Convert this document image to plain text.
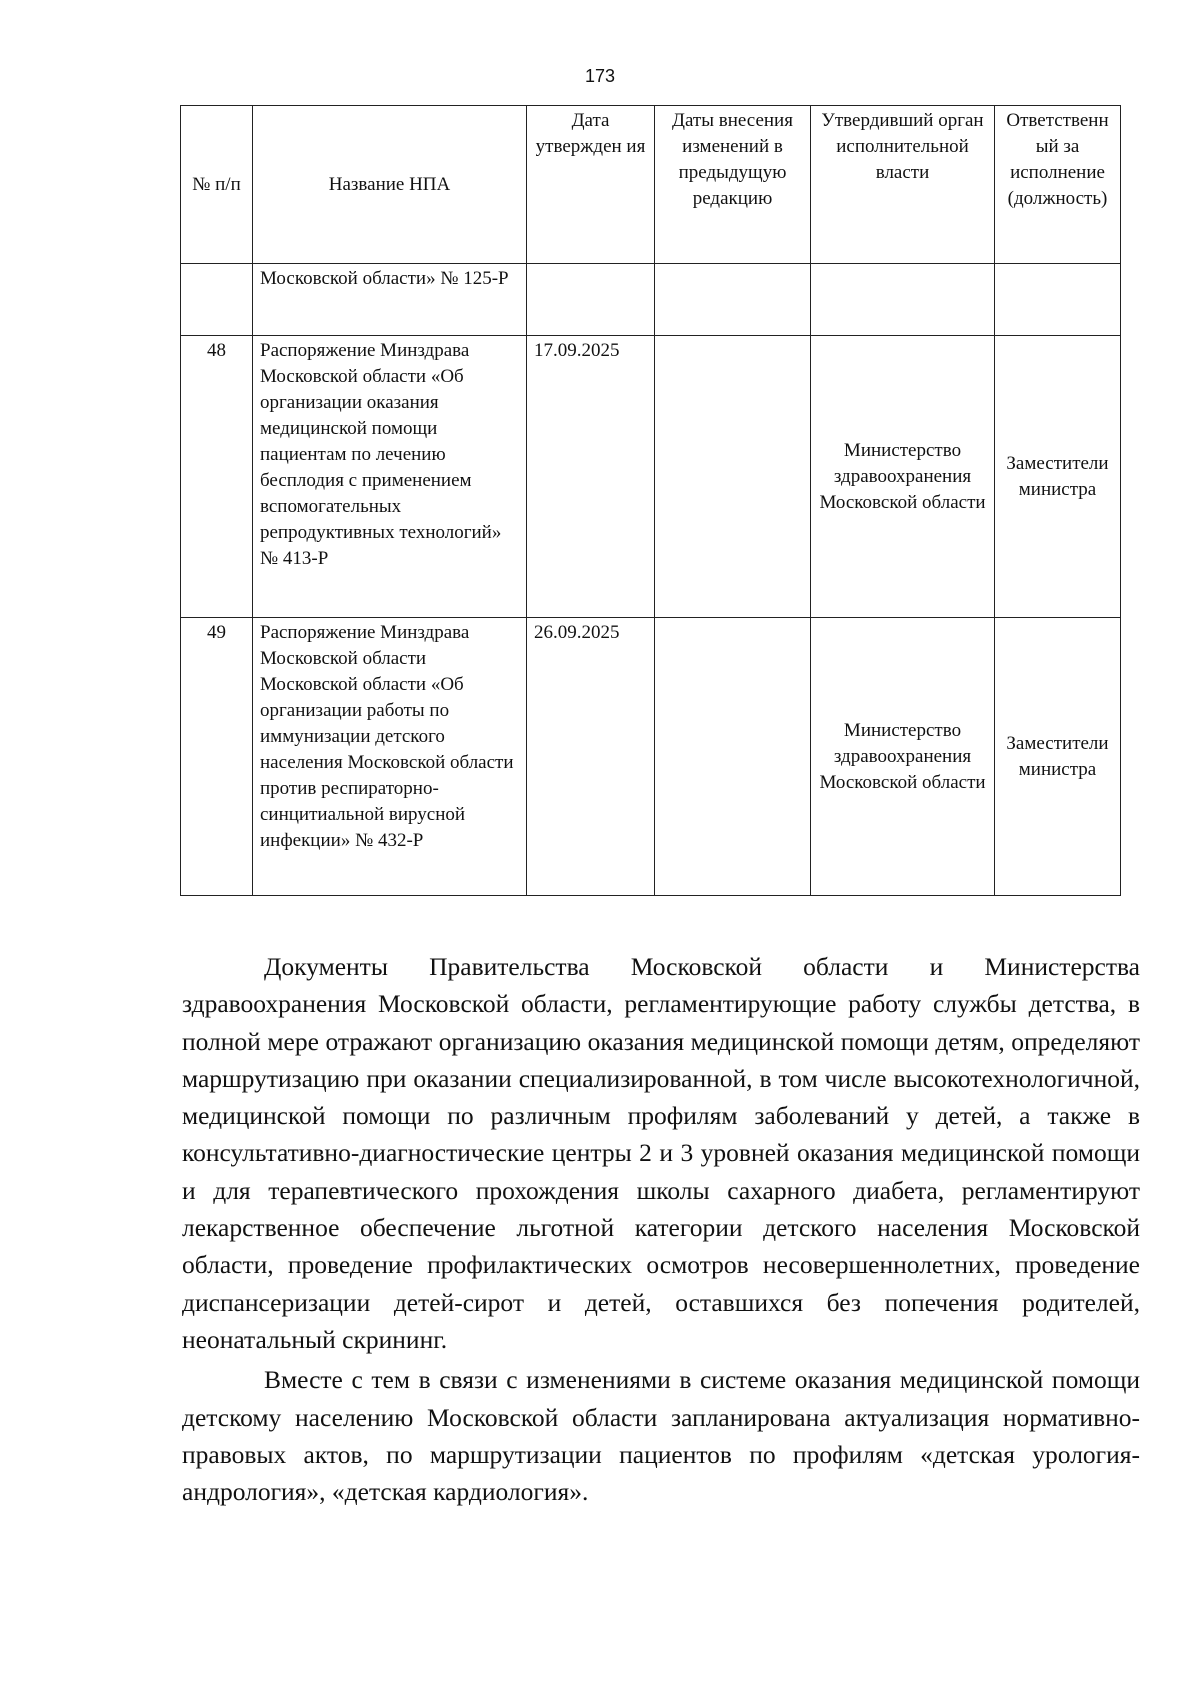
173
№ п/п	Название НПА	Дата утвержден ия	Даты внесения изменений в предыдущую редакцию	Утвердивший орган исполнительной власти	Ответственн ый за исполнение (должность)
	Московской области» № 125-Р				
48	Распоряжение Минздрава Московской области «Об организации оказания медицинской помощи пациентам по лечению бесплодия с применением вспомогательных репродуктивных технологий» № 413-Р	17.09.2025		Министерство здравоохранения Московской области	Заместители министра
49	Распоряжение Минздрава Московской области Московской области «Об организации работы по иммунизации детского населения Московской области против респираторно-синцитиальной вирусной инфекции» № 432-Р	26.09.2025		Министерство здравоохранения Московской области	Заместители министра

Документы Правительства Московской области и Министерства здравоохранения Московской области, регламентирующие работу службы детства, в полной мере отражают организацию оказания медицинской помощи детям, определяют маршрутизацию при оказании специализированной, в том числе высокотехнологичной, медицинской помощи по различным профилям заболеваний у детей, а также в консультативно-диагностические центры 2 и 3 уровней оказания медицинской помощи и для терапевтического прохождения школы сахарного диабета, регламентируют лекарственное обеспечение льготной категории детского населения Московской области, проведение профилактических осмотров несовершеннолетних, проведение диспансеризации детей-сирот и детей, оставшихся без попечения родителей, неонатальный скрининг.

Вместе с тем в связи с изменениями в системе оказания медицинской помощи детскому населению Московской области запланирована актуализация нормативно-правовых актов, по маршрутизации пациентов по профилям «детская урология-андрология», «детская кардиология».
